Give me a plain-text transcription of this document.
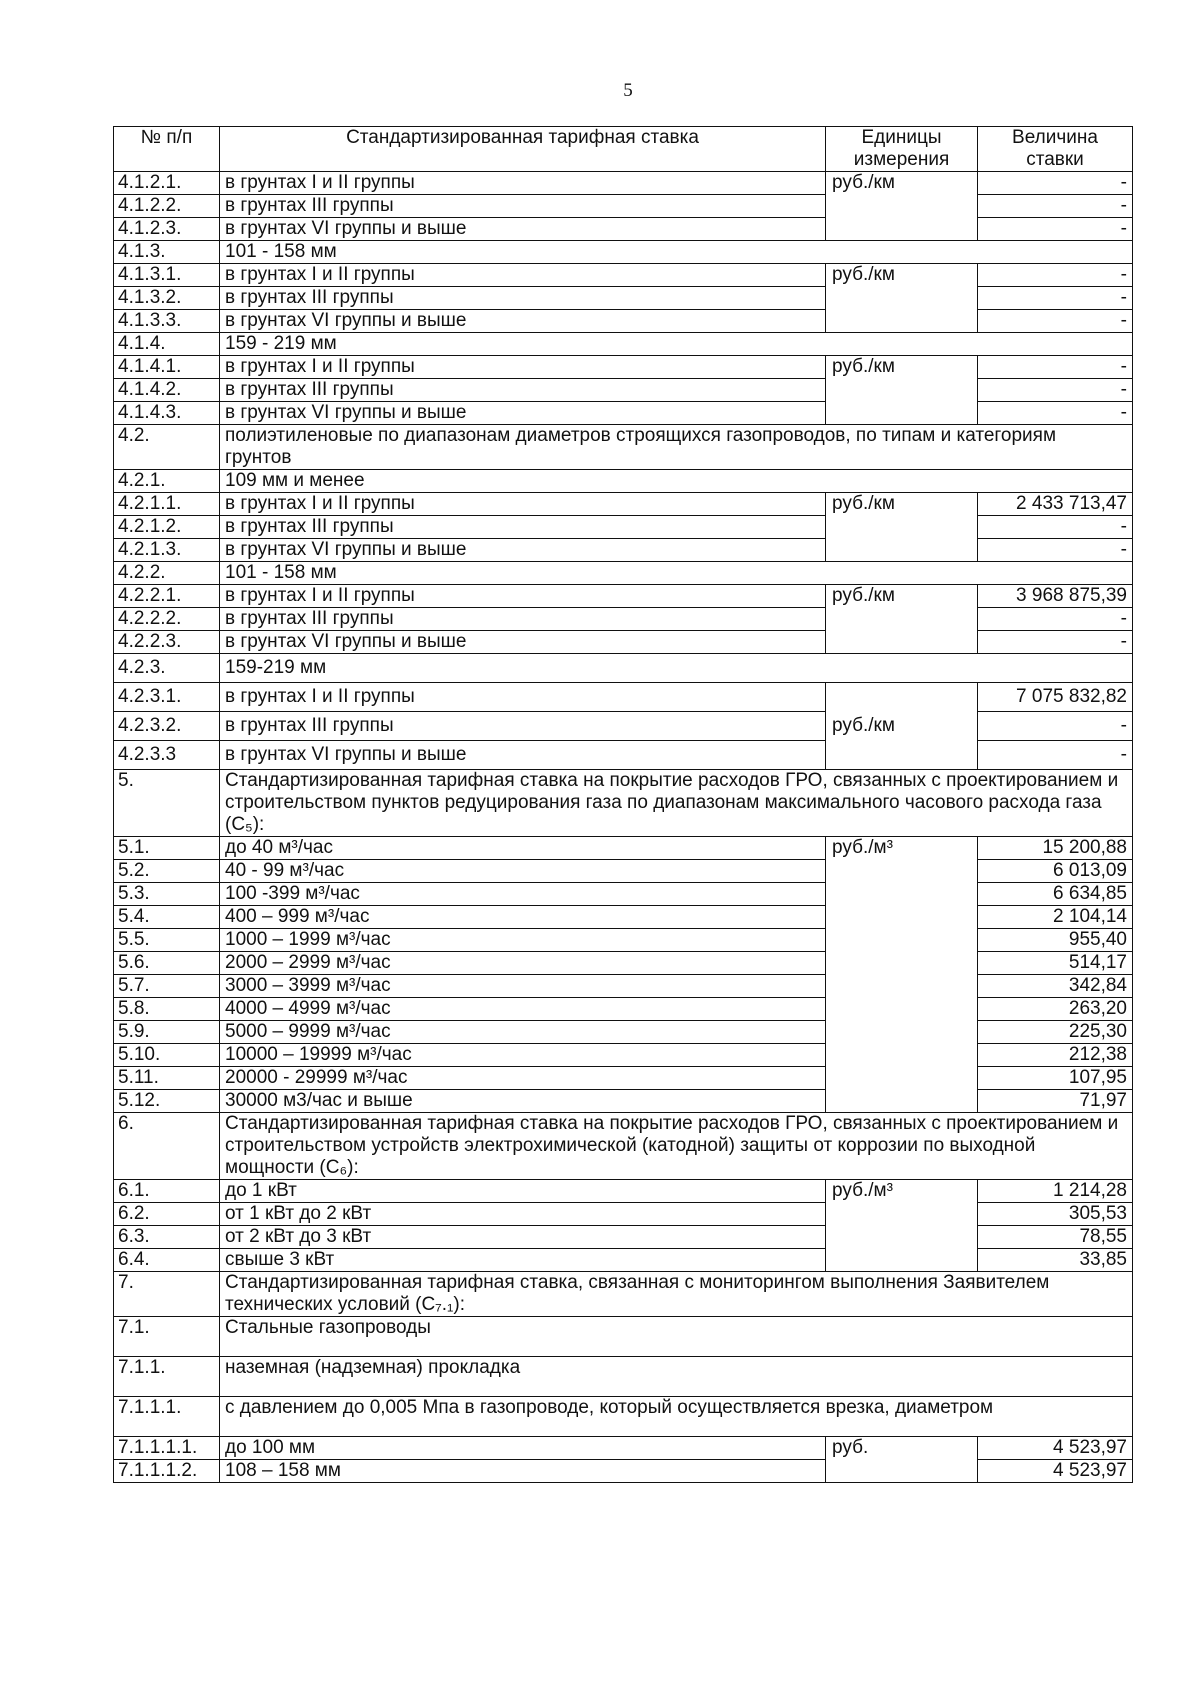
5
№ п/п	Стандартизированная тарифная ставка	Единицы измерения	Величина ставки
4.1.2.1.	в грунтах I и II группы	руб./км	-
4.1.2.2.	в грунтах III группы		-
4.1.2.3.	в грунтах VI группы и выше		-
4.1.3.	101 - 158 мм		
4.1.3.1.	в грунтах I и II группы	руб./км	-
4.1.3.2.	в грунтах III группы		-
4.1.3.3.	в грунтах VI группы и выше		-
4.1.4.	159 - 219 мм		
4.1.4.1.	в грунтах I и II группы	руб./км	-
4.1.4.2.	в грунтах III группы		-
4.1.4.3.	в грунтах VI группы и выше		-
4.2.	полиэтиленовые по диапазонам диаметров строящихся газопроводов, по типам и категориям грунтов		
4.2.1.	109 мм и менее		
4.2.1.1.	в грунтах I и II группы	руб./км	2 433 713,47
4.2.1.2.	в грунтах III группы		-
4.2.1.3.	в грунтах VI группы и выше		-
4.2.2.	101 - 158 мм		
4.2.2.1.	в грунтах I и II группы	руб./км	3 968 875,39
4.2.2.2.	в грунтах III группы		-
4.2.2.3.	в грунтах VI группы и выше		-
4.2.3.	159-219 мм		
4.2.3.1.	в грунтах I и II группы	руб./км	7 075 832,82
4.2.3.2.	в грунтах III группы		-
4.2.3.3	в грунтах VI группы и выше		-
5.	Стандартизированная тарифная ставка на покрытие расходов ГРО, связанных с проектированием и строительством пунктов редуцирования газа по диапазонам максимального часового расхода газа (С₅):		
5.1.	до 40 м³/час	руб./м³	15 200,88
5.2.	40 - 99 м³/час		6 013,09
5.3.	100 -399 м³/час		6 634,85
5.4.	400 – 999 м³/час		2 104,14
5.5.	1000 – 1999 м³/час		955,40
5.6.	2000 – 2999 м³/час		514,17
5.7.	3000 – 3999 м³/час		342,84
5.8.	4000 – 4999 м³/час		263,20
5.9.	5000 – 9999 м³/час		225,30
5.10.	10000 – 19999 м³/час		212,38
5.11.	20000 - 29999 м³/час		107,95
5.12.	30000 м3/час и выше		71,97
6.	Стандартизированная тарифная ставка на покрытие расходов ГРО, связанных с проектированием и строительством устройств электрохимической (катодной) защиты от коррозии по выходной мощности (С₆):		
6.1.	до 1 кВт	руб./м³	1 214,28
6.2.	от 1 кВт до 2 кВт		305,53
6.3.	от 2 кВт до 3 кВт		78,55
6.4.	свыше 3 кВт		33,85
7.	Стандартизированная тарифная ставка, связанная с мониторингом выполнения Заявителем технических условий (С₇.₁):		
7.1.	Стальные газопроводы		
7.1.1.	наземная (надземная) прокладка		
7.1.1.1.	с давлением до 0,005 Мпа в газопроводе, который осуществляется врезка, диаметром		
7.1.1.1.1.	до 100 мм	руб.	4 523,97
7.1.1.1.2.	108 – 158 мм		4 523,97
